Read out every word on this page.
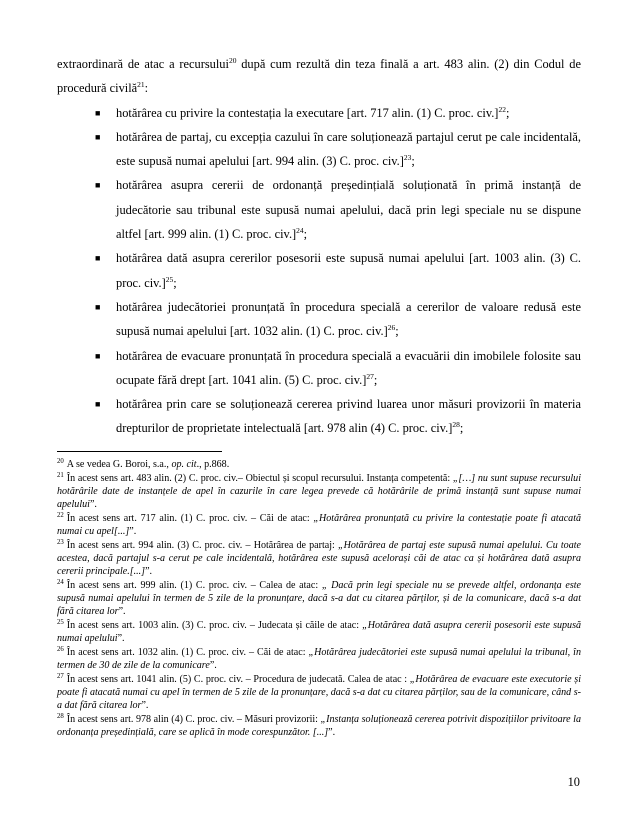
extraordinară de atac a recursului$^{20}$ după cum rezultă din teza finală a art. 483 alin. (2) din Codul de procedură civilă$^{21}$:

■ hotărârea cu privire la contestația la executare [art. 717 alin. (1) C. proc. civ.]$^{22}$;
■ hotărârea de partaj, cu excepția cazului în care soluționează partajul cerut pe cale incidentală, este supusă numai apelului [art. 994 alin. (3) C. proc. civ.]$^{23}$;
■ hotărârea asupra cererii de ordonanță președințială soluționată în primă instanță de judecătorie sau tribunal este supusă numai apelului, dacă prin legi speciale nu se dispune altfel [art. 999 alin. (1) C. proc. civ.]$^{24}$;
■ hotărârea dată asupra cererilor posesorii este supusă numai apelului [art. 1003 alin. (3) C. proc. civ.]$^{25}$;
■ hotărârea judecătoriei pronunțată în procedura specială a cererilor de valoare redusă este supusă numai apelului [art. 1032 alin. (1) C. proc. civ.]$^{26}$;
■ hotărârea de evacuare pronunțată în procedura specială a evacuării din imobilele folosite sau ocupate fără drept [art. 1041 alin. (5) C. proc. civ.]$^{27}$;
■ hotărârea prin care se soluționează cererea privind luarea unor măsuri provizorii în materia drepturilor de proprietate intelectuală [art. 978 alin (4) C. proc. civ.]$^{28}$;

$^{20}$ A se vedea G. Boroi, s.a., op. cit., p.868.

$^{21}$ În acest sens art. 483 alin. (2) C. proc. civ.– Obiectul și scopul recursului. Instanța competentă: „[…] nu sunt supuse recursului hotărârile date de instanțele de apel în cazurile în care legea prevede că hotărârile de primă instanță sunt supuse numai apelului”.

$^{22}$ În acest sens art. 717 alin. (1) C. proc. civ. – Căi de atac: „Hotărârea pronunțată cu privire la contestație poate fi atacată numai cu apel[...]”.

$^{23}$ În acest sens art. 994 alin. (3) C. proc. civ. – Hotărârea de partaj: „Hotărârea de partaj este supusă numai apelului. Cu toate acestea, dacă partajul s-a cerut pe cale incidentală, hotărârea este supusă acelorași căi de atac ca și hotărârea dată asupra cererii principale.[...]”.

$^{24}$ În acest sens art. 999 alin. (1) C. proc. civ. – Calea de atac: „ Dacă prin legi speciale nu se prevede altfel, ordonanța este supusă numai apelului în termen de 5 zile de la pronunțare, dacă s-a dat cu citarea părților, și de la comunicare, dacă s-a dat fără citarea lor”.

$^{25}$ În acest sens art. 1003 alin. (3) C. proc. civ. – Judecata și căile de atac: „Hotărârea dată asupra cererii posesorii este supusă numai apelului”.

$^{26}$ În acest sens art. 1032 alin. (1) C. proc. civ. – Căi de atac: „Hotărârea judecătoriei este supusă numai apelului la tribunal, în termen de 30 de zile de la comunicare”.

$^{27}$ În acest sens art. 1041 alin. (5) C. proc. civ. – Procedura de judecată. Calea de atac : „Hotărârea de evacuare este executorie și poate fi atacată numai cu apel în termen de 5 zile de la pronunțare, dacă s-a dat cu citarea părților, sau de la comunicare, când s-a dat fără citarea lor”.

$^{28}$ În acest sens art. 978 alin (4) C. proc. civ. – Măsuri provizorii: „Instanța soluționează cererea potrivit dispozițiilor privitoare la ordonanța președințială, care se aplică în mode corespunzător. [...]”.

10
